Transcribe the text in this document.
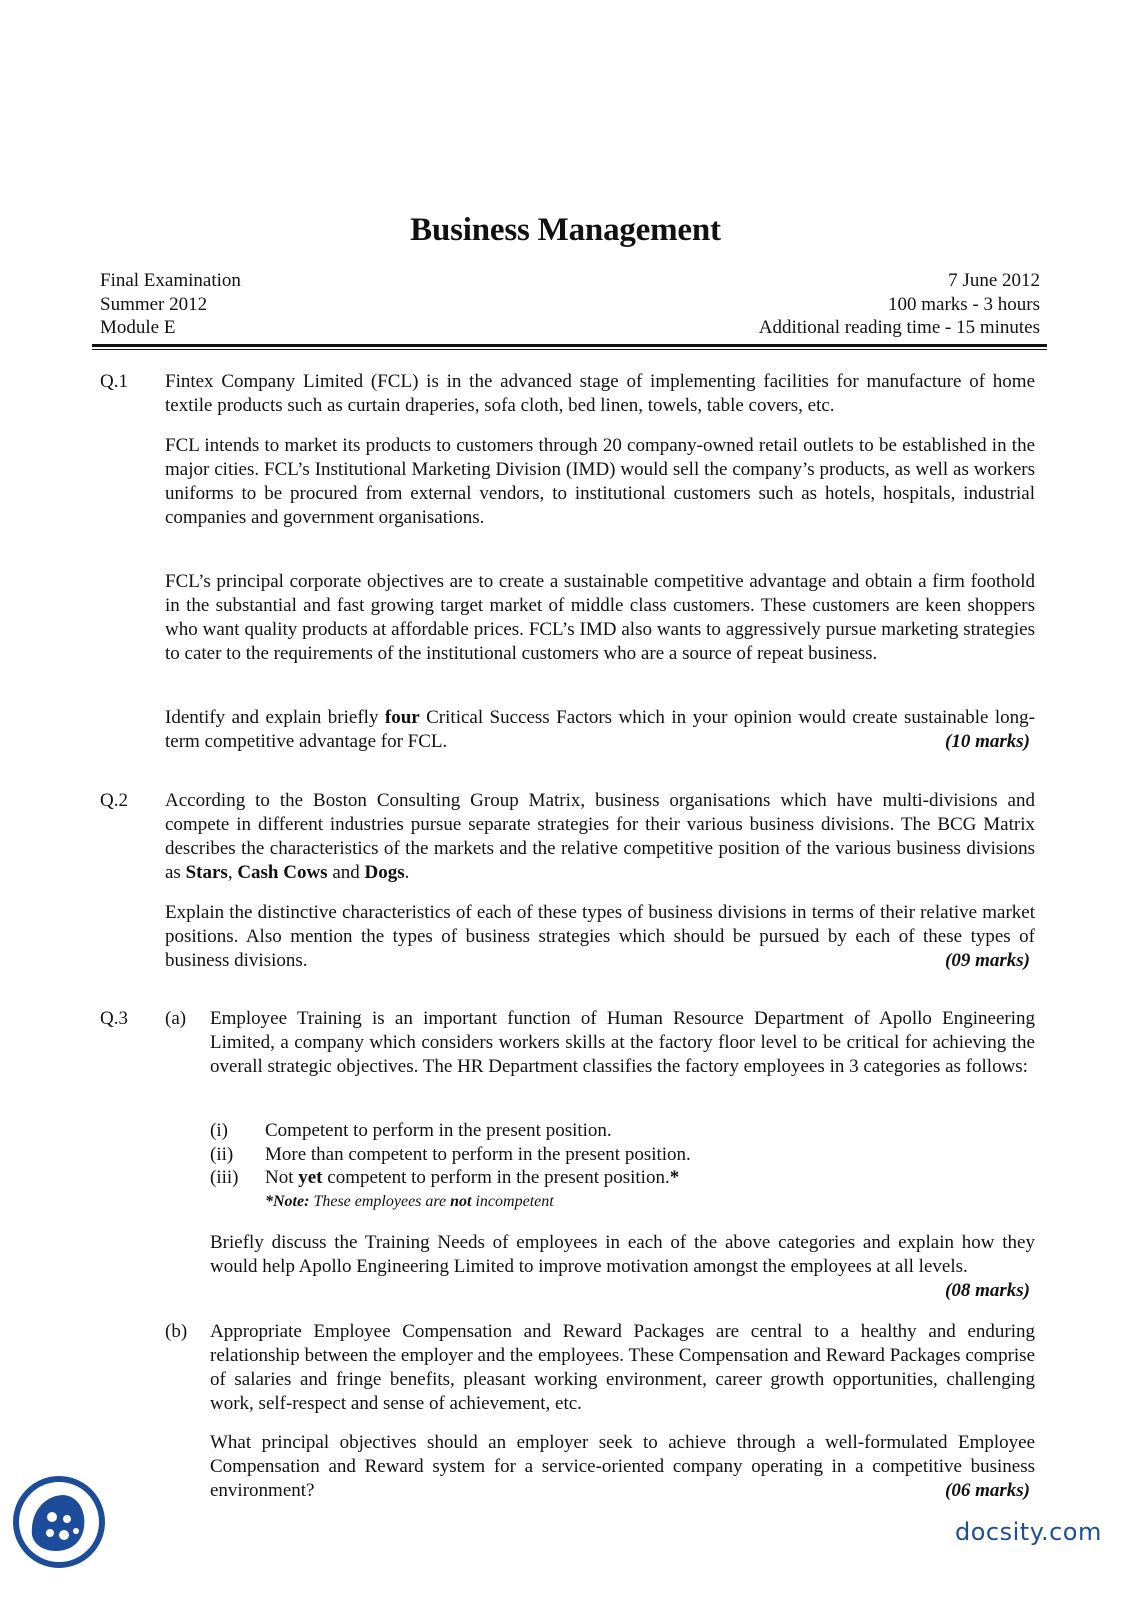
Business Management
Final Examination	7 June 2012
Summer 2012	100 marks - 3 hours
Module E	Additional reading time - 15 minutes
Q.1 Fintex Company Limited (FCL) is in the advanced stage of implementing facilities for manufacture of home textile products such as curtain draperies, sofa cloth, bed linen, towels, table covers, etc.
FCL intends to market its products to customers through 20 company-owned retail outlets to be established in the major cities. FCL’s Institutional Marketing Division (IMD) would sell the company’s products, as well as workers uniforms to be procured from external vendors, to institutional customers such as hotels, hospitals, industrial companies and government organisations.
FCL’s principal corporate objectives are to create a sustainable competitive advantage and obtain a firm foothold in the substantial and fast growing target market of middle class customers. These customers are keen shoppers who want quality products at affordable prices. FCL’s IMD also wants to aggressively pursue marketing strategies to cater to the requirements of the institutional customers who are a source of repeat business.
Identify and explain briefly four Critical Success Factors which in your opinion would create sustainable long-term competitive advantage for FCL.	(10 marks)
Q.2 According to the Boston Consulting Group Matrix, business organisations which have multi-divisions and compete in different industries pursue separate strategies for their various business divisions. The BCG Matrix describes the characteristics of the markets and the relative competitive position of the various business divisions as Stars, Cash Cows and Dogs.
Explain the distinctive characteristics of each of these types of business divisions in terms of their relative market positions. Also mention the types of business strategies which should be pursued by each of these types of business divisions.	(09 marks)
Q.3 (a) Employee Training is an important function of Human Resource Department of Apollo Engineering Limited, a company which considers workers skills at the factory floor level to be critical for achieving the overall strategic objectives. The HR Department classifies the factory employees in 3 categories as follows:
(i) Competent to perform in the present position.
(ii) More than competent to perform in the present position.
(iii) Not yet competent to perform in the present position.*
*Note: These employees are not incompetent
Briefly discuss the Training Needs of employees in each of the above categories and explain how they would help Apollo Engineering Limited to improve motivation amongst the employees at all levels.
(08 marks)
(b) Appropriate Employee Compensation and Reward Packages are central to a healthy and enduring relationship between the employer and the employees. These Compensation and Reward Packages comprise of salaries and fringe benefits, pleasant working environment, career growth opportunities, challenging work, self-respect and sense of achievement, etc.
What principal objectives should an employer seek to achieve through a well-formulated Employee Compensation and Reward system for a service-oriented company operating in a competitive business environment?	(06 marks)
docsity.com
